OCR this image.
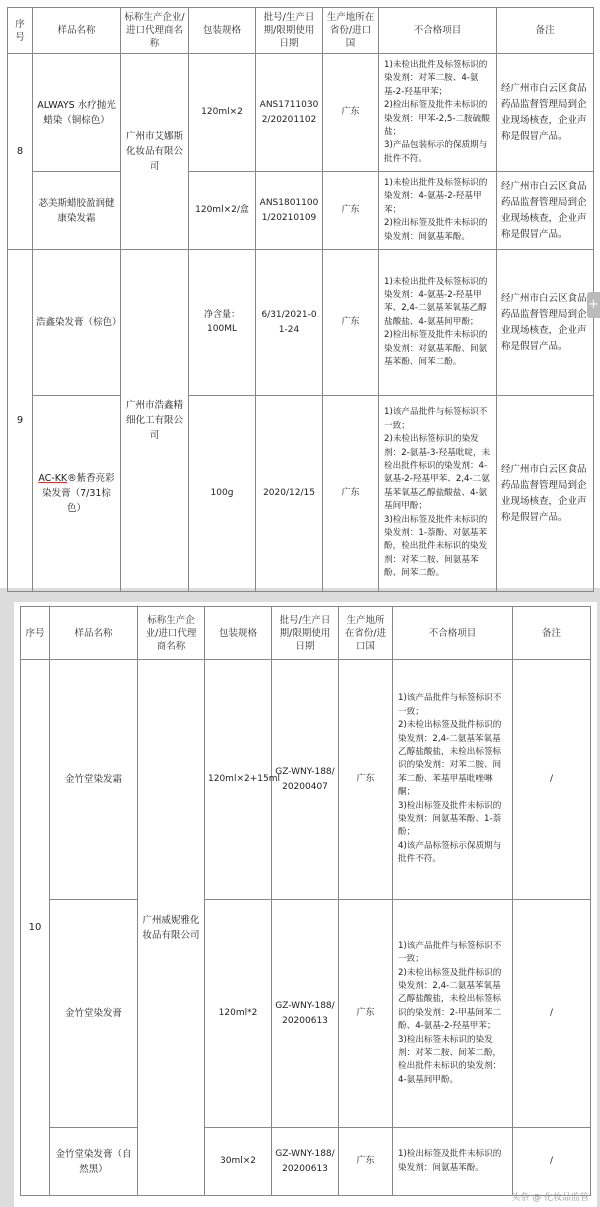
序号	样品名称	标称生产企业/进口代理商名称	包装规格	批号/生产日期/限期使用日期	生产地所在省份/进口国	不合格项目	备注
8	ALWAYS 水疗抛光蜡染（铜棕色）	广州市艾娜斯化妆品有限公司	120ml×2	ANS17110302/20201102	广东	1)未检出批件及标签标识的染发剂：对苯二胺、4-氨基-2-羟基甲苯；
2)检出标签及批件未标识的染发剂：甲苯-2,5-二胺硫酸盐；
3)产品包装标示的保质期与批件不符。	经广州市白云区食品药品监督管理局到企业现场核查，企业声称是假冒产品。
	苾美斯蜡胶盈润健康染发霜		120ml×2/盒	ANS18011001/20210109	广东	1)未检出批件及标签标识的染发剂：4-氨基-2-羟基甲苯；
2)检出标签及批件未标识的染发剂：间氨基苯酚。	经广州市白云区食品药品监督管理局到企业现场核查，企业声称是假冒产品。
9	浩鑫染发膏（棕色）	广州市浩鑫精细化工有限公司	净含量：100ML	6/31/2021-01-24	广东	1)未检出批件及标签标识的染发剂：4-氨基-2-羟基甲苯、2,4-二氨基苯氧基乙醇盐酸盐、4-氨基间甲酚；
2)检出标签及批件未标识的染发剂：对氨基苯酚、间氨基苯酚、间苯二酚。	经广州市白云区食品药品监督管理局到企业现场核查，企业声称是假冒产品。
	AC-KK®紫香亮彩染发膏（7/31棕色）		100g	2020/12/15	广东	1)该产品批件与标签标识不一致；
2)未检出标签标识的染发剂：2-氨基-3-羟基吡啶，未检出批件标识的染发剂：4-氨基-2-羟基甲苯、2,4-二氨基苯氧基乙醇盐酸盐、4-氨基间甲酚；
3)检出标签及批件未标识的染发剂：1-萘酚、对氨基苯酚，检出批件未标识的染发剂：对苯二胺、间氨基苯酚、间苯二酚。	经广州市白云区食品药品监督管理局到企业现场核查，企业声称是假冒产品。
+
序号	样品名称	标称生产企业/进口代理商名称	包装规格	批号/生产日期/限期使用日期	生产地所在省份/进口国	不合格项目	备注
10	金竹堂染发霜	广州威妮雅化妆品有限公司	120ml×2+15ml	GZ-WNY-188/20200407	广东	1)该产品批件与标签标识不一致；
2)未检出标签及批件标识的染发剂：2,4-二氨基苯氧基乙醇盐酸盐，未检出标签标识的染发剂：对苯二胺、间苯二酚、苯基甲基吡唑啉酮；
3)检出标签及批件未标识的染发剂：间氨基苯酚、1-萘酚；
4)该产品标签标示保质期与批件不符。	/
	金竹堂染发膏		120ml*2	GZ-WNY-188/20200613	广东	1)该产品批件与标签标识不一致；
2)未检出标签及批件标识的染发剂：2,4-二氨基苯氧基乙醇盐酸盐，未检出标签标识的染发剂：2-甲基间苯二酚、4-氨基-2-羟基甲苯；
3)检出标签未标识的染发剂：对苯二胺、间苯二酚，检出批件未标识的染发剂：4-氨基间甲酚。	/
	金竹堂染发膏（自然黑）		30ml×2	GZ-WNY-188/20200613	广东	1)检出标签及批件未标识的染发剂：间氨基苯酚。	/
头条 @ 化妆品监管
